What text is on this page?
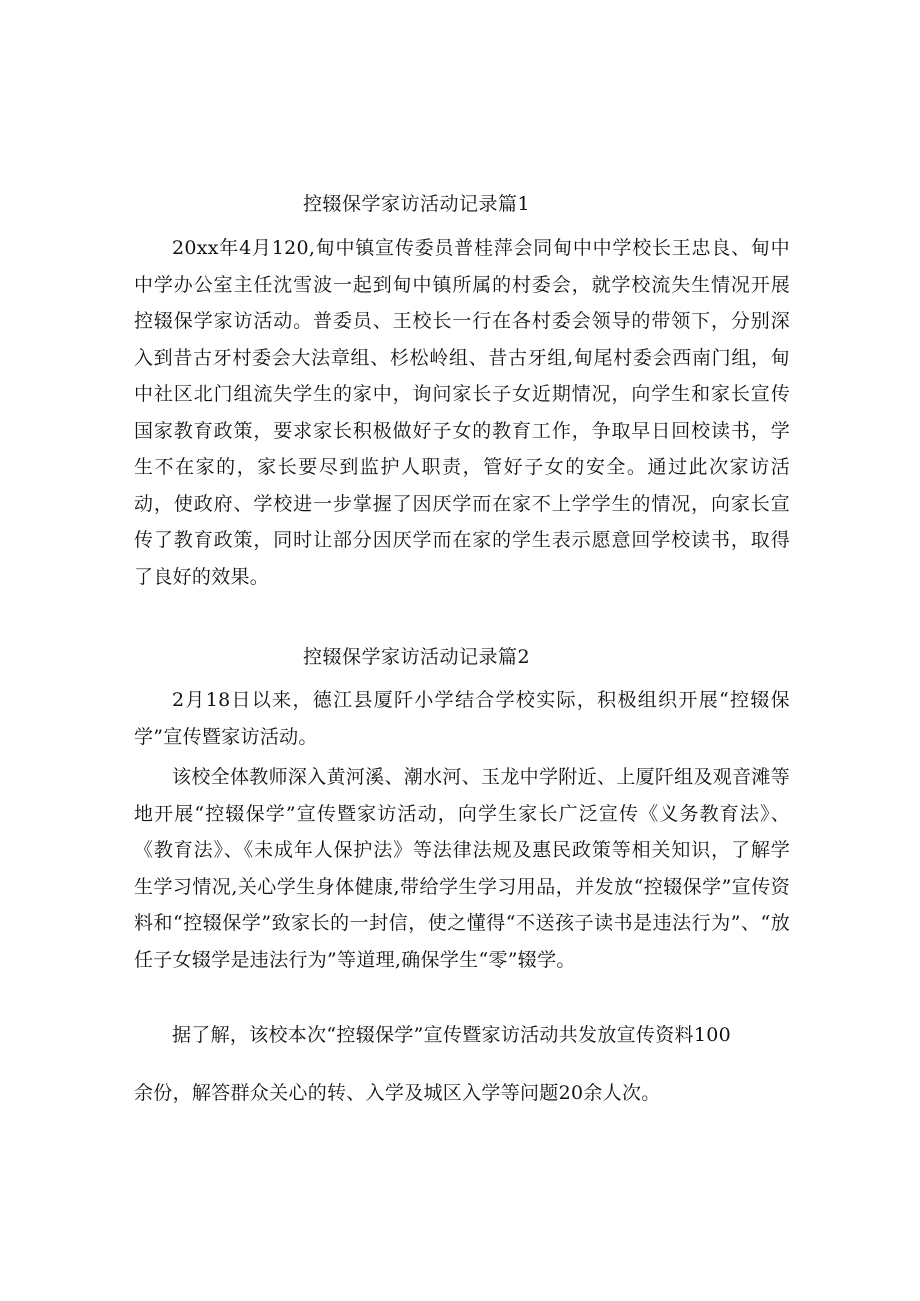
控辍保学家访活动记录篇1

20xx年4月120,甸中镇宣传委员普桂萍会同甸中中学校长王忠良、甸中中学办公室主任沈雪波一起到甸中镇所属的村委会，就学校流失生情况开展控辍保学家访活动。普委员、王校长一行在各村委会领导的带领下，分别深入到昔古牙村委会大法章组、杉松岭组、昔古牙组,甸尾村委会西南门组，甸中社区北门组流失学生的家中，询问家长子女近期情况，向学生和家长宣传国家教育政策，要求家长积极做好子女的教育工作，争取早日回校读书，学生不在家的，家长要尽到监护人职责，管好子女的安全。通过此次家访活动，使政府、学校进一步掌握了因厌学而在家不上学学生的情况，向家长宣传了教育政策，同时让部分因厌学而在家的学生表示愿意回学校读书，取得了良好的效果。

控辍保学家访活动记录篇2

2月18日以来，德江县厦阡小学结合学校实际，积极组织开展“控辍保学”宣传暨家访活动。

该校全体教师深入黄河溪、潮水河、玉龙中学附近、上厦阡组及观音滩等地开展“控辍保学”宣传暨家访活动，向学生家长广泛宣传《义务教育法》、《教育法》、《未成年人保护法》等法律法规及惠民政策等相关知识，了解学生学习情况,关心学生身体健康,带给学生学习用品，并发放“控辍保学”宣传资料和“控辍保学”致家长的一封信，使之懂得“不送孩子读书是违法行为”、“放任子女辍学是违法行为”等道理,确保学生“零”辍学。

据了解，该校本次“控辍保学”宣传暨家访活动共发放宣传资料100

余份，解答群众关心的转、入学及城区入学等问题20余人次。
